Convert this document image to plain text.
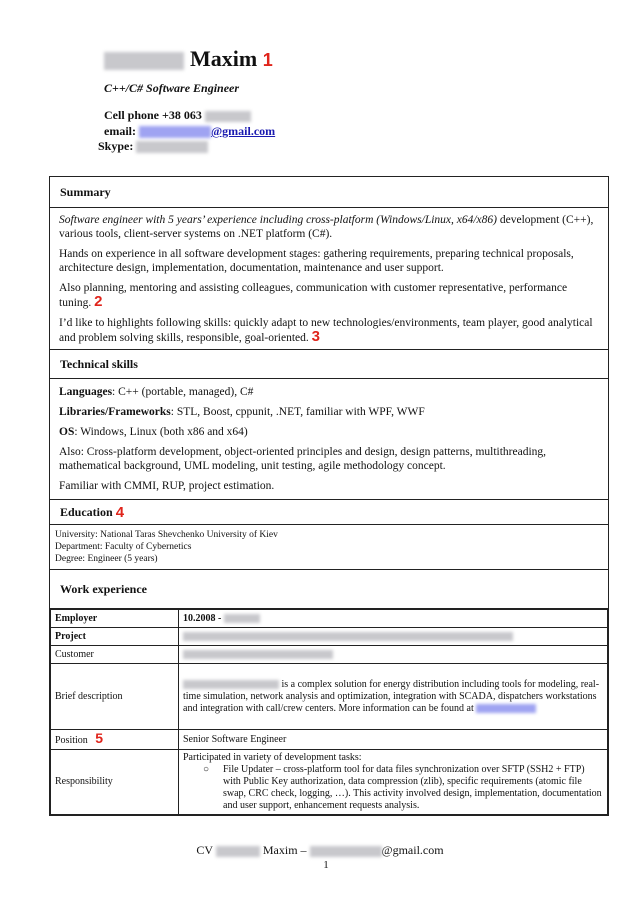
Maxim 1
C++/C# Software Engineer
Cell phone +38 063
email:	@gmail.com
Skype:
Summary

Software engineer with 5 years’ experience including cross-platform (Windows/Linux, x64/x86) development (C++), various tools, client-server systems on .NET platform (C#).

Hands on experience in all software development stages: gathering requirements, preparing technical proposals, architecture design, implementation, documentation, maintenance and user support.

Also planning, mentoring and assisting colleagues, communication with customer representative, performance tuning. 2

I’d like to highlights following skills: quickly adapt to new technologies/environments, team player, good analytical and problem solving skills, responsible, goal-oriented. 3

Technical skills

Languages: C++ (portable, managed), C#

Libraries/Frameworks: STL, Boost, cppunit, .NET, familiar with WPF, WWF

OS: Windows, Linux (both x86 and x64)

Also: Cross-platform development, object-oriented principles and design, design patterns, multithreading, mathematical background, UML modeling, unit testing, agile methodology concept.

Familiar with CMMI, RUP, project estimation.

Education
4
University: National Taras Shevchenko University of Kiev
Department: Faculty of Cybernetics
Degree: Engineer (5 years)
Work experience
Employer	10.2008 -
Project	
Customer	
Brief description	is a complex solution for energy distribution including tools for modeling, real-time simulation, network analysis and optimization, integration with SCADA, dispatchers workstations and integration with call/crew centers. More information can be found at
Position 5	Senior Software Engineer
Responsibility	Participated in variety of development tasks:
○ File Updater – cross-platform tool for data files synchronization over SFTP (SSH2 + FTP) with Public Key authorization, data compression (zlib), specific requirements (atomic file swap, CRC check, logging, …). This activity involved design, implementation, documentation and user support, enhancement requests analysis.
CV	Maxim –	@gmail.com
1
